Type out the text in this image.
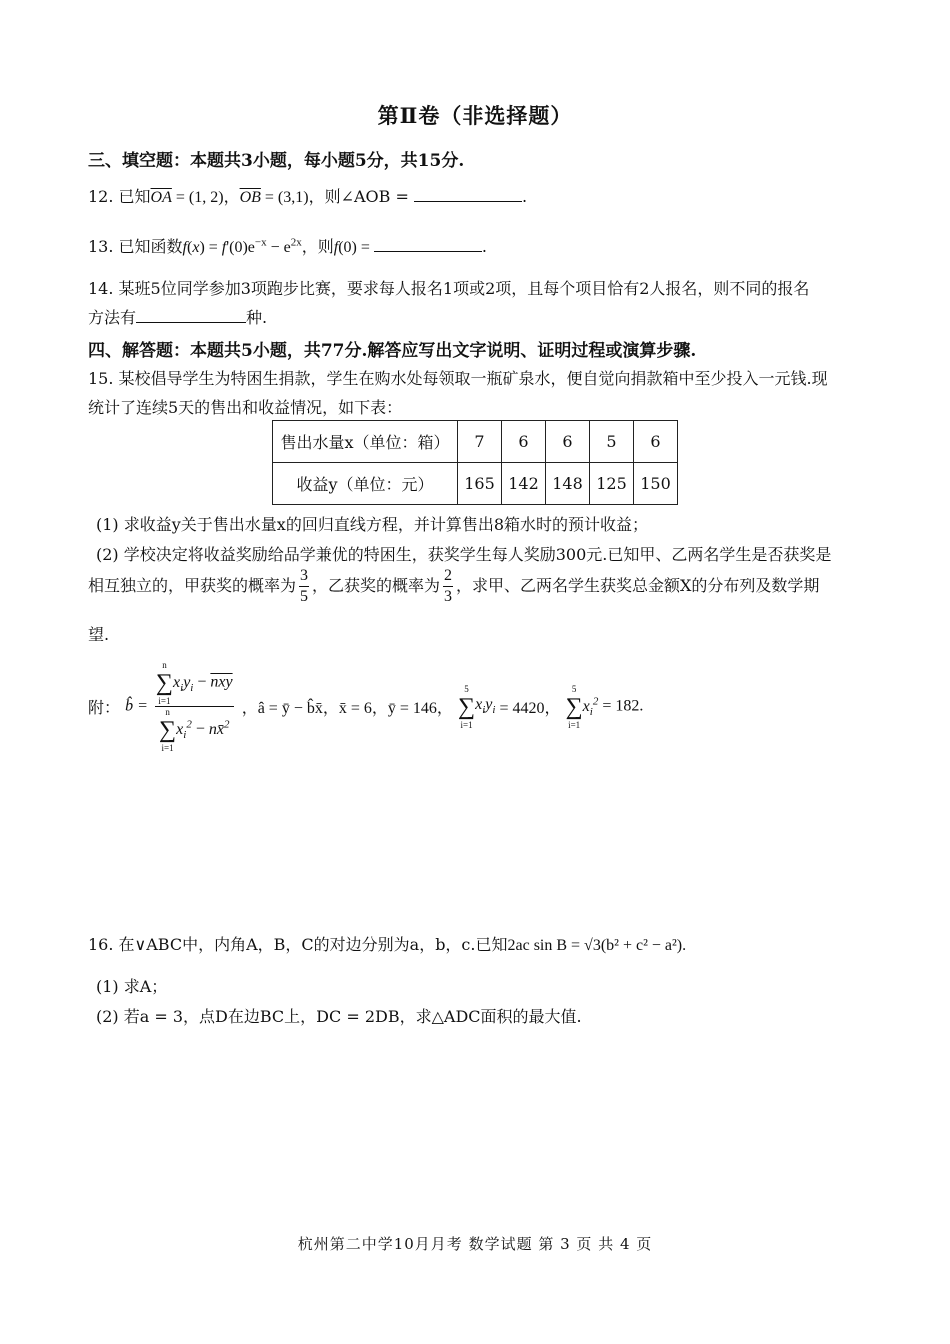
第Ⅱ卷（非选择题）
三、填空题：本题共3小题，每小题5分，共15分.
12. 已知$\overline{OA} = (1$, 2)，$\overline{OB} = (3,1)$，则∠AOB =	.
13. 已知函数$f(x) = f'(0)e^{-x} - e^{2x}$，则f(0) =	.
14. 某班5位同学参加3项跑步比赛，要求每人报名1项或2项，且每个项目恰有2人报名，则不同的报名
方法有	种.
四、解答题：本题共5小题，共77分.解答应写出文字说明、证明过程或演算步骤.
15. 某校倡导学生为特困生捐款，学生在购水处每领取一瓶矿泉水，便自觉向捐款箱中至少投入一元钱.现
统计了连续5天的售出和收益情况，如下表：
售出水量x（单位：箱）	7	6	6	5	6
收益y（单位：元）	165	142	148	125	150
(1) 求收益y关于售出水量x的回归直线方程，并计算售出8箱水时的预计收益；
(2) 学校决定将收益奖励给品学兼优的特困生，获奖学生每人奖励300元.已知甲、乙两名学生是否获奖是
相互独立的，甲获奖的概率为 $\frac{3}{5}$ ，乙获奖的概率为 $\frac{2}{3}$ ，求甲、乙两名学生获奖总金额X的分布列及数学期
望.
附： b̂ = n
∑
i=1
$x_iy_i - \overline{nxy}$
n
∑
i=1
$x_i^2$ − nx̄$^2$ ，â = ȳ − b̂x̄，x̄ = 6，ȳ = 146，
5
∑
i=1
$x_iy_i = 4420$，
5
∑
i=1
$x_i^2 = 182$.
16. 在∨ABC中，内角A，B，C的对边分别为a，b，c.已知2ac sin B = √3(b² + c² − a²).
(1) 求A；
(2) 若a = 3，点D在边BC上，DC = 2DB，求△ADC面积的最大值.
杭州第二中学10月月考 数学试题 第 3 页 共 4 页
